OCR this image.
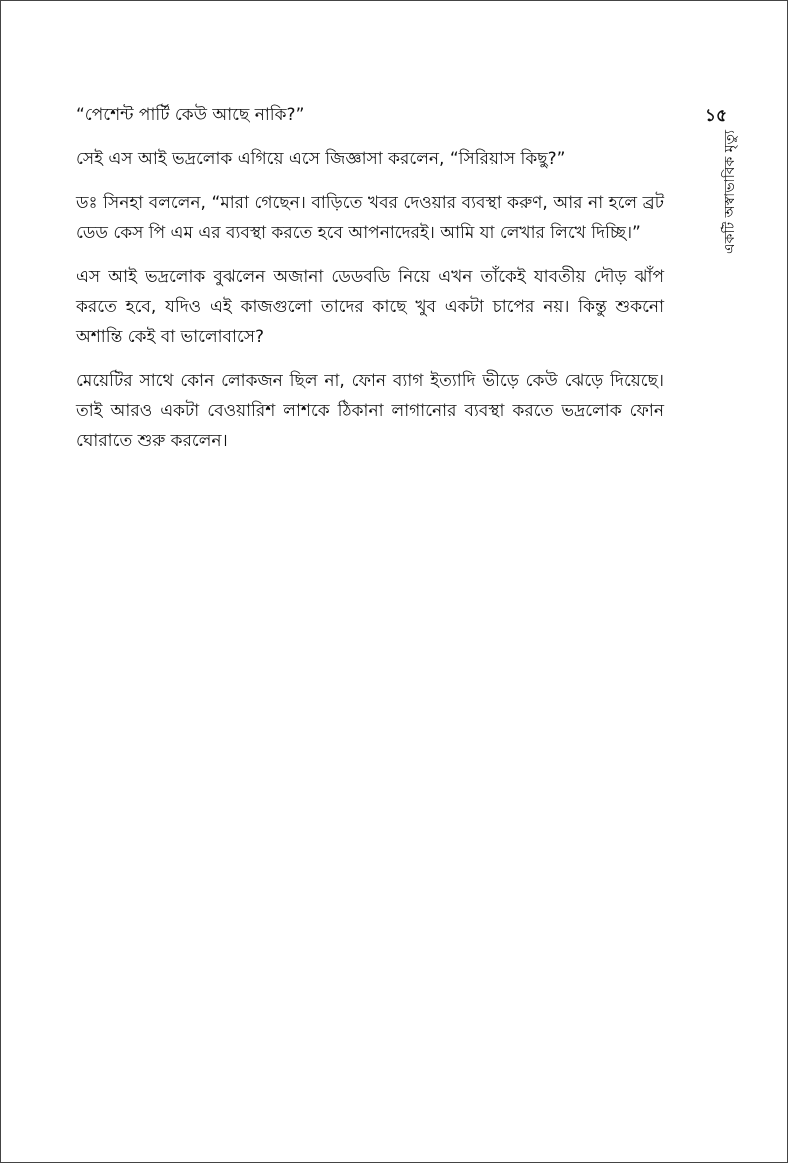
“পেশেন্ট পার্টি কেউ আছে নাকি?”

সেই এস আই ভদ্রলোক এগিয়ে এসে জিজ্ঞাসা করলেন, “সিরিয়াস কিছু?”

ডঃ সিনহা বললেন, “মারা গেছেন। বাড়িতে খবর দেওয়ার ব্যবস্থা করুণ, আর না হলে ব্রট ডেড কেস পি এম এর ব্যবস্থা করতে হবে আপনাদেরই। আমি যা লেখার লিখে দিচ্ছি।”

এস আই ভদ্রলোক বুঝলেন অজানা ডেডবডি নিয়ে এখন তাঁকেই যাবতীয় দৌড় ঝাঁপ করতে হবে, যদিও এই কাজগুলো তাদের কাছে খুব একটা চাপের নয়। কিন্তু শুকনো অশান্তি কেই বা ভালোবাসে?

মেয়েটির সাথে কোন লোকজন ছিল না, ফোন ব্যাগ ইত্যাদি ভীড়ে কেউ ঝেড়ে দিয়েছে। তাই আরও একটা বেওয়ারিশ লাশকে ঠিকানা লাগানোর ব্যবস্থা করতে ভদ্রলোক ফোন ঘোরাতে শুরু করলেন।

১৫
একটি অস্বাভাবিক মৃত্যু
